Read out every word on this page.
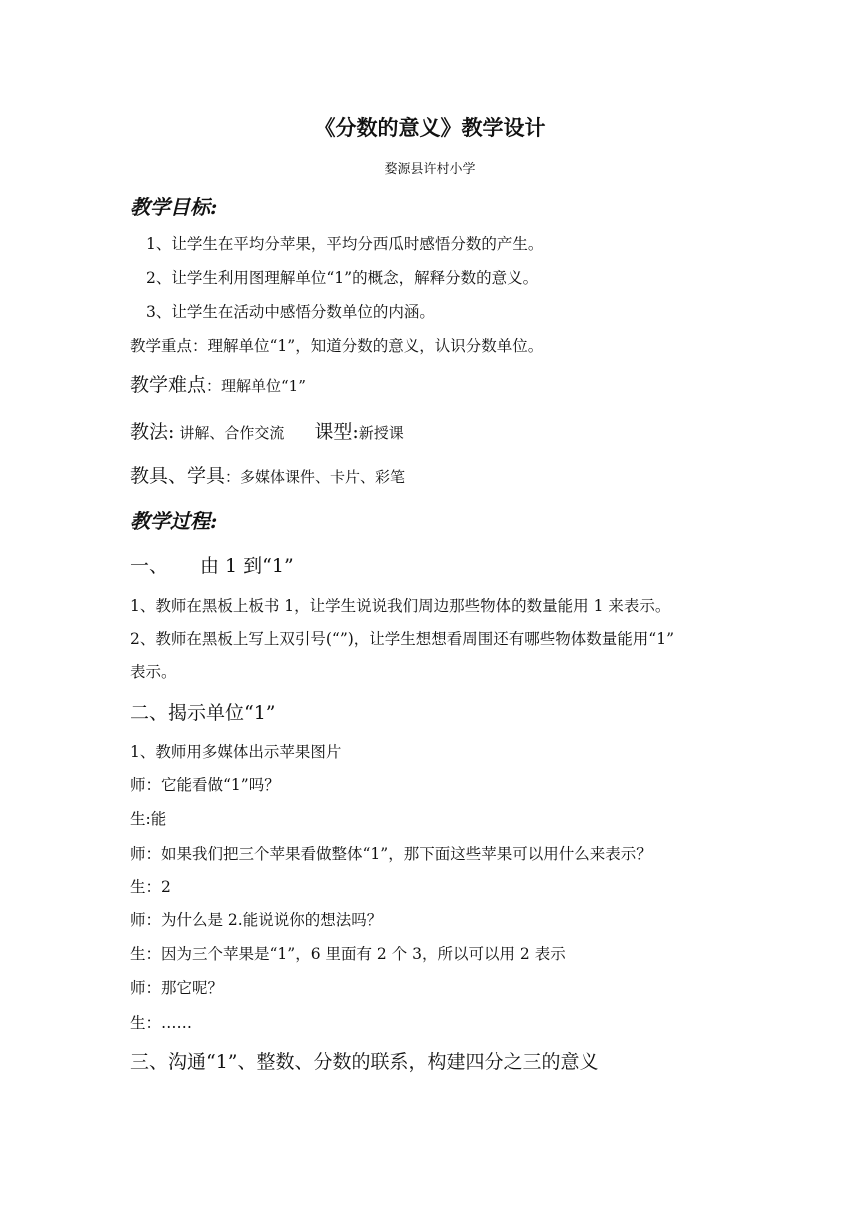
《分数的意义》教学设计
婺源县许村小学
教学目标:
1、让学生在平均分苹果，平均分西瓜时感悟分数的产生。
2、让学生利用图理解单位“1”的概念，解释分数的意义。
3、让学生在活动中感悟分数单位的内涵。
教学重点：理解单位“1”，知道分数的意义，认识分数单位。
教学难点：理解单位“1”
教法: 讲解、合作交流 课型:新授课
教具、学具：多媒体课件、卡片、彩笔
教学过程:
一、 由 1 到“1”
1、教师在黑板上板书 1，让学生说说我们周边那些物体的数量能用 1 来表示。
2、教师在黑板上写上双引号(“”)，让学生想想看周围还有哪些物体数量能用“1”
表示。
二、揭示单位“1”
1、教师用多媒体出示苹果图片
师：它能看做“1”吗？
生:能
师：如果我们把三个苹果看做整体“1”，那下面这些苹果可以用什么来表示？
生：2
师：为什么是 2.能说说你的想法吗？
生：因为三个苹果是“1”，6 里面有 2 个 3，所以可以用 2 表示
师：那它呢？
生：……
三、沟通“1”、整数、分数的联系，构建四分之三的意义
